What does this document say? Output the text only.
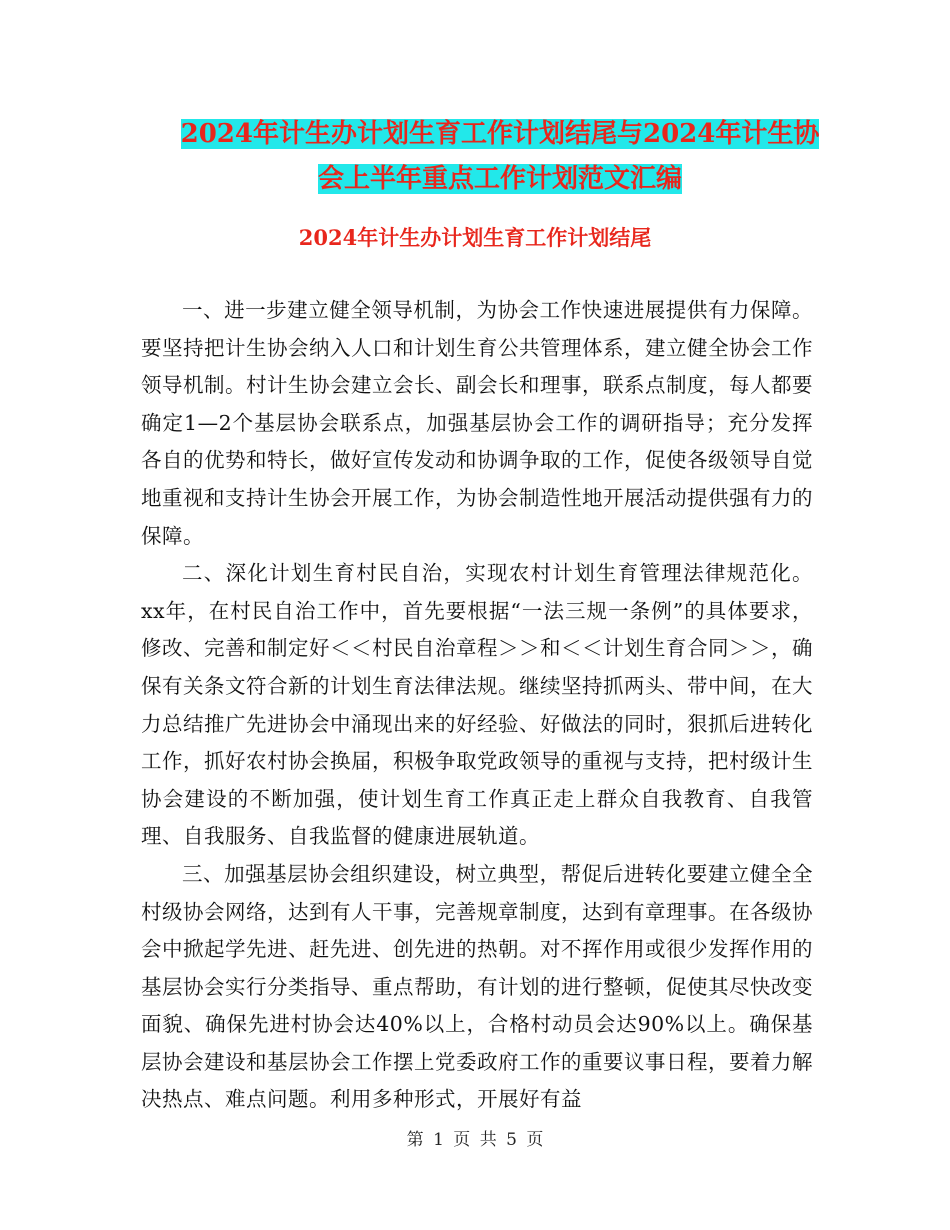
2024年计生办计划生育工作计划结尾与2024年计生协
会上半年重点工作计划范文汇编
2024年计生办计划生育工作计划结尾

一、进一步建立健全领导机制，为协会工作快速进展提供有力保障。要坚持把计生协会纳入人口和计划生育公共管理体系，建立健全协会工作领导机制。村计生协会建立会长、副会长和理事，联系点制度，每人都要确定1—2个基层协会联系点，加强基层协会工作的调研指导；充分发挥各自的优势和特长，做好宣传发动和协调争取的工作，促使各级领导自觉地重视和支持计生协会开展工作，为协会制造性地开展活动提供强有力的保障。

二、深化计划生育村民自治，实现农村计划生育管理法律规范化。xx年，在村民自治工作中，首先要根据“一法三规一条例”的具体要求，修改、完善和制定好＜＜村民自治章程＞＞和＜＜计划生育合同＞＞，确保有关条文符合新的计划生育法律法规。继续坚持抓两头、带中间，在大力总结推广先进协会中涌现出来的好经验、好做法的同时，狠抓后进转化工作，抓好农村协会换届，积极争取党政领导的重视与支持，把村级计生协会建设的不断加强，使计划生育工作真正走上群众自我教育、自我管理、自我服务、自我监督的健康进展轨道。

三、加强基层协会组织建设，树立典型，帮促后进转化要建立健全全村级协会网络，达到有人干事，完善规章制度，达到有章理事。在各级协会中掀起学先进、赶先进、创先进的热朝。对不挥作用或很少发挥作用的基层协会实行分类指导、重点帮助，有计划的进行整顿，促使其尽快改变面貌、确保先进村协会达40%以上，合格村动员会达90%以上。确保基层协会建设和基层协会工作摆上党委政府工作的重要议事日程，要着力解决热点、难点问题。利用多种形式，开展好有益

第 1 页 共 5 页
